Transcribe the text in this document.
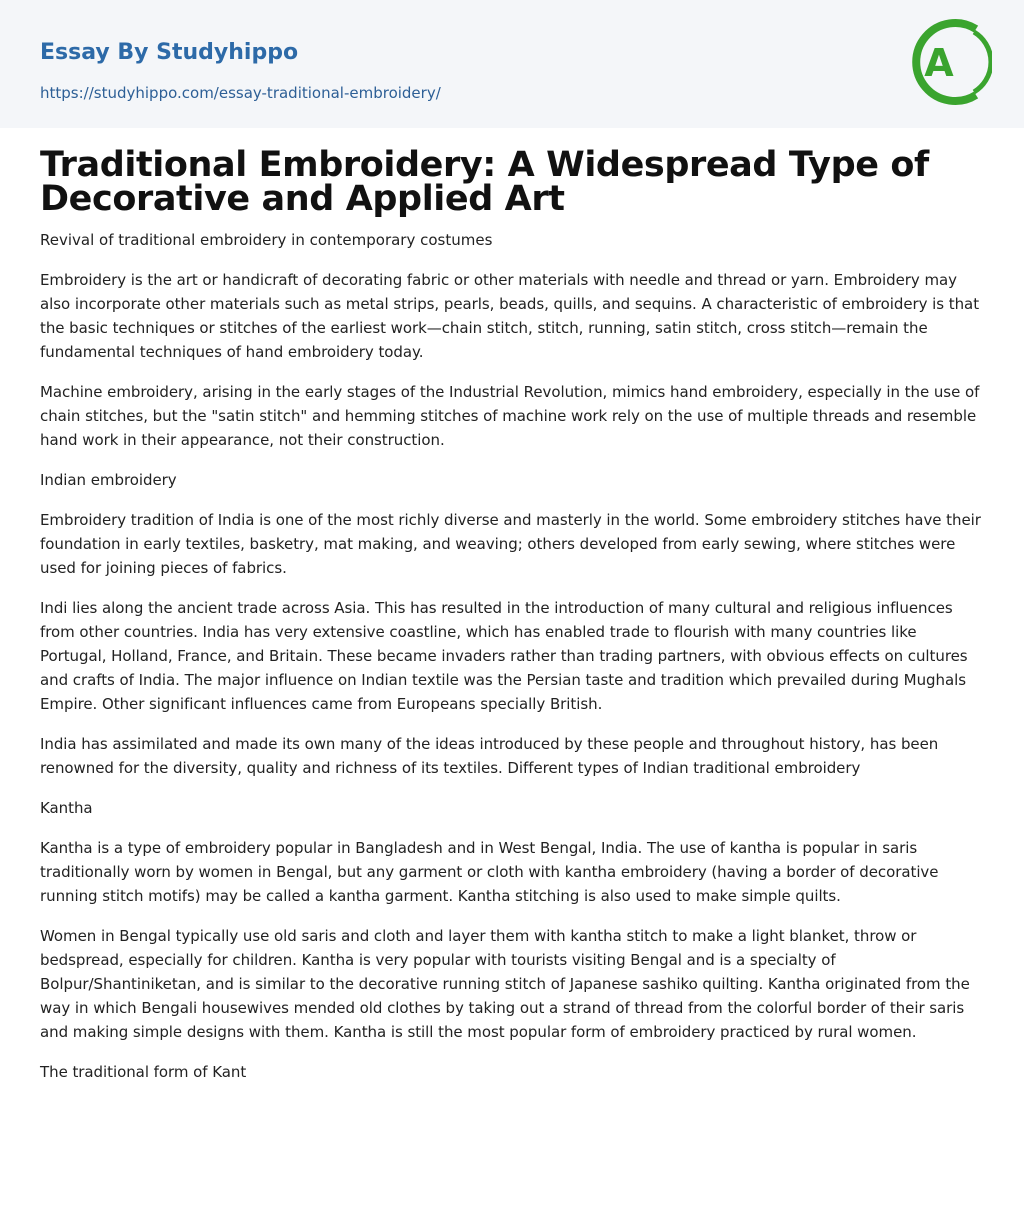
Essay By Studyhippo
https://studyhippo.com/essay-traditional-embroidery/
A
Traditional Embroidery: A Widespread Type of Decorative and Applied Art
Revival of traditional embroidery in contemporary costumes

Embroidery is the art or handicraft of decorating fabric or other materials with needle and thread or yarn. Embroidery may also incorporate other materials such as metal strips, pearls, beads, quills, and sequins. A characteristic of embroidery is that the basic techniques or stitches of the earliest work—chain stitch, stitch, running, satin stitch, cross stitch—remain the fundamental techniques of hand embroidery today.

Machine embroidery, arising in the early stages of the Industrial Revolution, mimics hand embroidery, especially in the use of chain stitches, but the "satin stitch" and hemming stitches of machine work rely on the use of multiple threads and resemble hand work in their appearance, not their construction.

Indian embroidery

Embroidery tradition of India is one of the most richly diverse and masterly in the world. Some embroidery stitches have their foundation in early textiles, basketry, mat making, and weaving; others developed from early sewing, where stitches were used for joining pieces of fabrics.

Indi lies along the ancient trade across Asia. This has resulted in the introduction of many cultural and religious influences from other countries. India has very extensive coastline, which has enabled trade to flourish with many countries like Portugal, Holland, France, and Britain. These became invaders rather than trading partners, with obvious effects on cultures and crafts of India. The major influence on Indian textile was the Persian taste and tradition which prevailed during Mughals Empire. Other significant influences came from Europeans specially British.

India has assimilated and made its own many of the ideas introduced by these people and throughout history, has been renowned for the diversity, quality and richness of its textiles. Different types of Indian traditional embroidery

Kantha

Kantha is a type of embroidery popular in Bangladesh and in West Bengal, India. The use of kantha is popular in saris traditionally worn by women in Bengal, but any garment or cloth with kantha embroidery (having a border of decorative running stitch motifs) may be called a kantha garment. Kantha stitching is also used to make simple quilts.

Women in Bengal typically use old saris and cloth and layer them with kantha stitch to make a light blanket, throw or bedspread, especially for children. Kantha is very popular with tourists visiting Bengal and is a specialty of Bolpur/Shantiniketan, and is similar to the decorative running stitch of Japanese sashiko quilting. Kantha originated from the way in which Bengali housewives mended old clothes by taking out a strand of thread from the colorful border of their saris and making simple designs with them. Kantha is still the most popular form of embroidery practiced by rural women.

The traditional form of Kant
